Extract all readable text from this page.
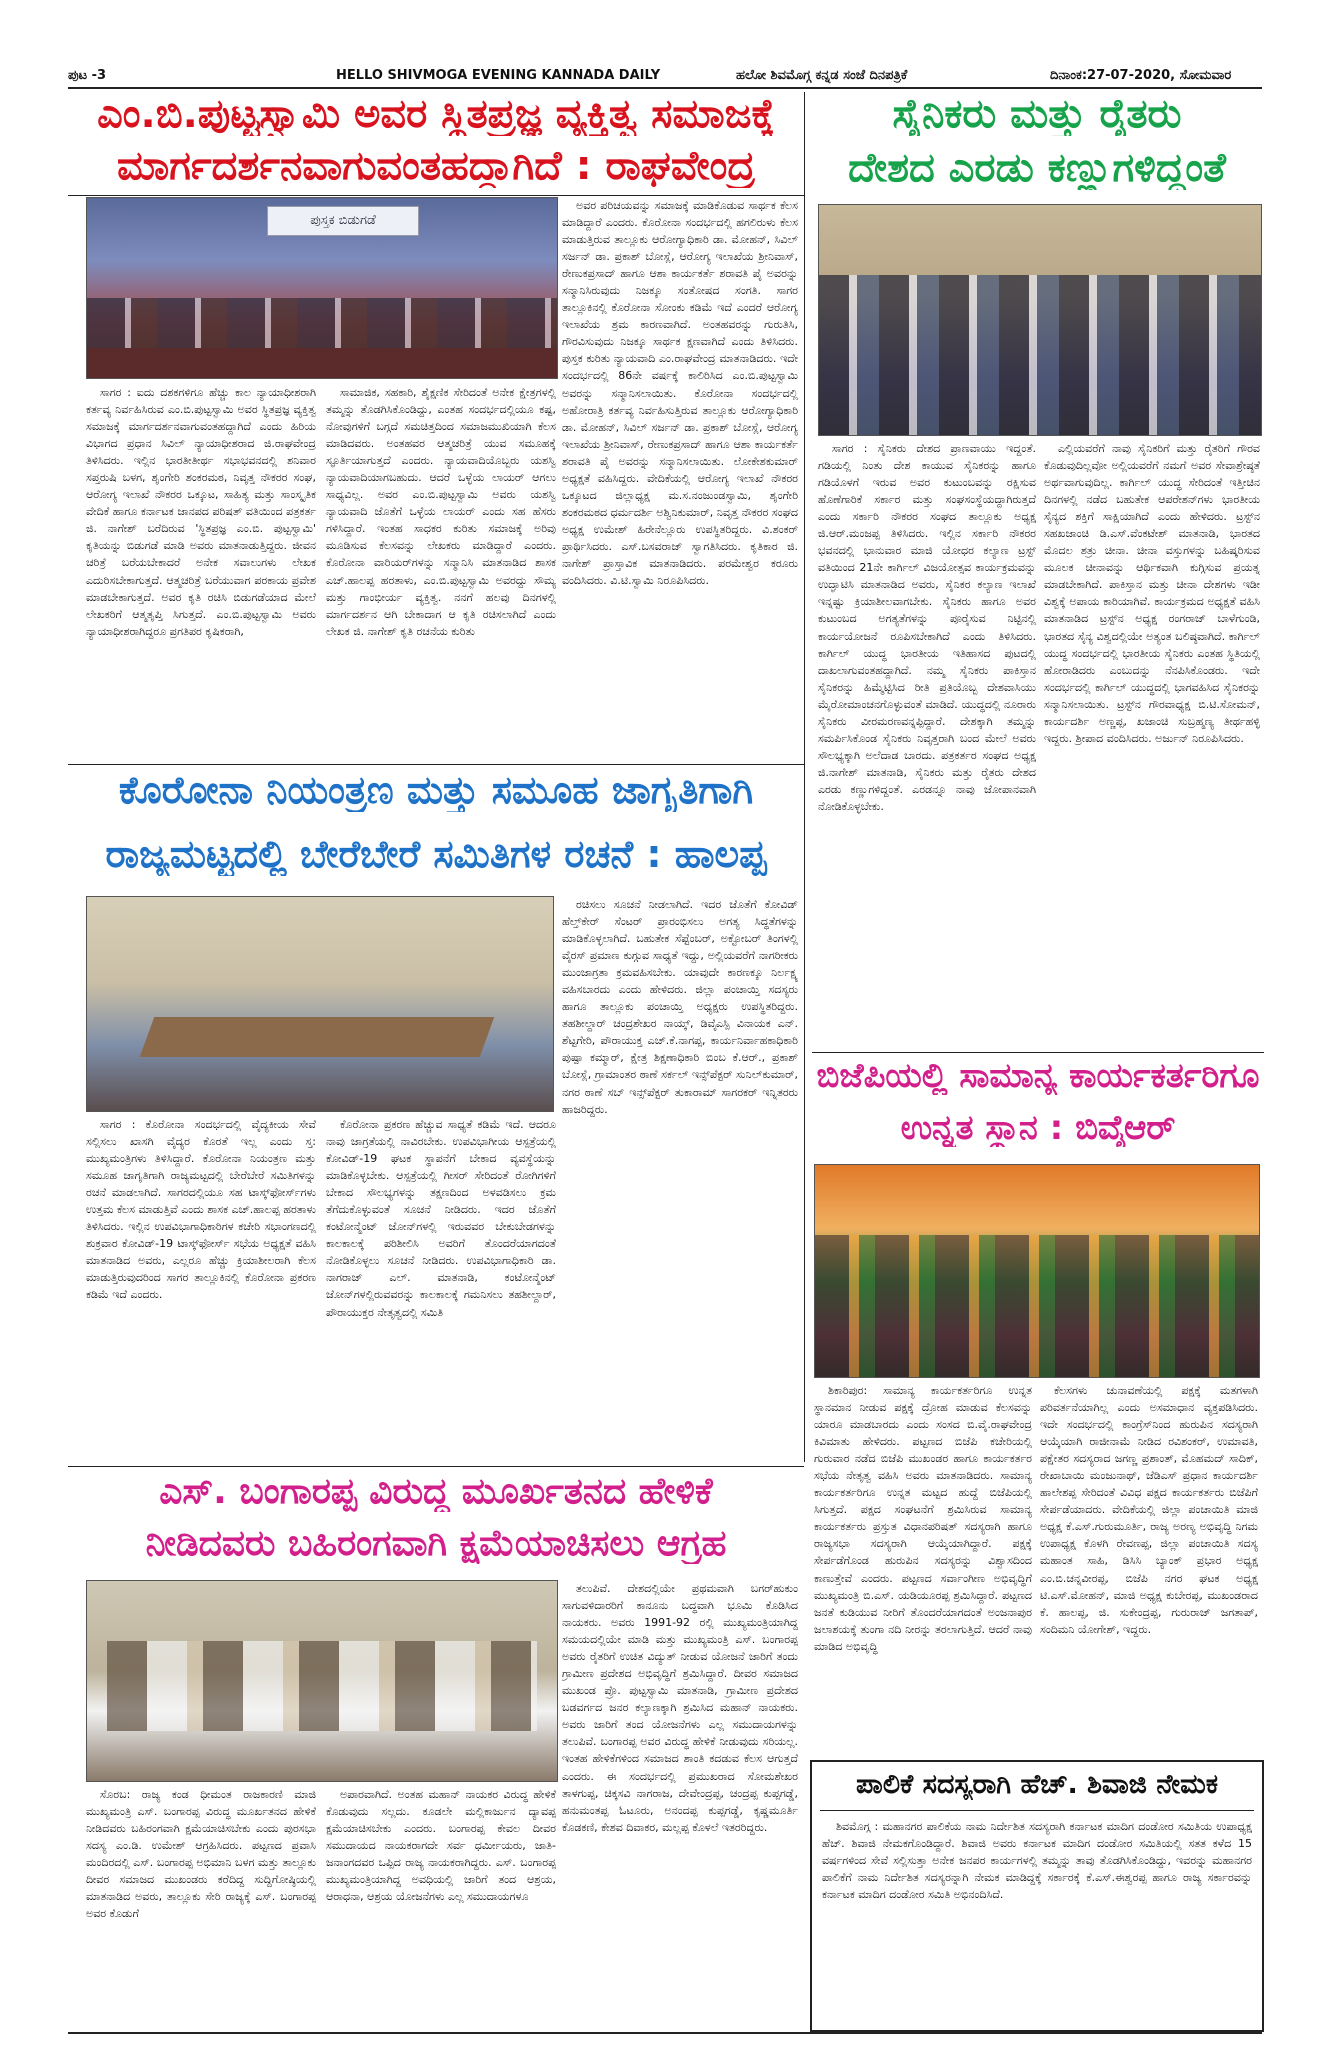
ಪುಟ -3	HELLO SHIVMOGA EVENING KANNADA DAILY	ಹಲೋ ಶಿವಮೊಗ್ಗ ಕನ್ನಡ ಸಂಜೆ ದಿನಪತ್ರಿಕೆ	ದಿನಾಂಕ:27-07-2020, ಸೋಮವಾರ
ಎಂ.ಬಿ.ಪುಟ್ಟಸ್ವಾಮಿ ಅವರ ಸ್ಥಿತಪ್ರಜ್ಞ ವ್ಯಕ್ತಿತ್ವ ಸಮಾಜಕ್ಕೆ
ಮಾರ್ಗದರ್ಶನವಾಗುವಂತಹದ್ದಾಗಿದೆ : ರಾಘವೇಂದ್ರ
ಪುಸ್ತಕ ಬಿಡುಗಡೆ

ಸಾಗರ : ಐದು ದಶಕಗಳಿಗೂ ಹೆಚ್ಚು ಕಾಲ ನ್ಯಾಯಾಧೀಶರಾಗಿ ಕರ್ತವ್ಯ ನಿರ್ವಹಿಸಿರುವ ಎಂ.ಬಿ.ಪುಟ್ಟಸ್ವಾಮಿ ಅವರ ಸ್ಥಿತಪ್ರಜ್ಞ ವ್ಯಕ್ತಿತ್ವ ಸಮಾಜಕ್ಕೆ ಮಾರ್ಗದರ್ಶನವಾಗುವಂತಹದ್ದಾಗಿದೆ ಎಂದು ಹಿರಿಯ ವಿಭಾಗದ ಪ್ರಧಾನ ಸಿವಿಲ್ ನ್ಯಾಯಾಧೀಶರಾದ ಜಿ.ರಾಘವೇಂದ್ರ ತಿಳಿಸಿದರು. ಇಲ್ಲಿನ ಭಾರತೀತೀರ್ಥ ಸಭಾಭವನದಲ್ಲಿ ಶನಿವಾರ ಸಪ್ತರುಷಿ ಬಳಗ, ಶೃಂಗೇರಿ ಶಂಕರಮಠ, ನಿವೃತ್ತ ನೌಕರರ ಸಂಘ, ಆರೋಗ್ಯ ಇಲಾಖೆ ನೌಕರರ ಒಕ್ಕೂಟ, ಸಾಹಿತ್ಯ ಮತ್ತು ಸಾಂಸ್ಕೃತಿಕ ವೇದಿಕೆ ಹಾಗೂ ಕರ್ನಾಟಕ ಜಾನಪದ ಪರಿಷತ್ ವತಿಯಿಂದ ಪತ್ರಕರ್ತ ಜಿ. ನಾಗೇಶ್ ಬರೆದಿರುವ 'ಸ್ಥಿತಪ್ರಜ್ಞ ಎಂ.ಬಿ. ಪುಟ್ಟಸ್ವಾಮಿ' ಕೃತಿಯನ್ನು ಬಿಡುಗಡೆ ಮಾಡಿ ಅವರು ಮಾತನಾಡುತ್ತಿದ್ದರು. ಜೀವನ ಚರಿತ್ರೆ ಬರೆಯಬೇಕಾದರೆ ಅನೇಕ ಸವಾಲುಗಳು ಲೇಖಕ ಎದುರಿಸಬೇಕಾಗುತ್ತದೆ. ಆತ್ಮಚರಿತ್ರೆ ಬರೆಯುವಾಗ ಪರಕಾಯ ಪ್ರವೇಶ ಮಾಡಬೇಕಾಗುತ್ತದೆ. ಅವರ ಕೃತಿ ರಚಿಸಿ ಬಿಡುಗಡೆಯಾದ ಮೇಲೆ ಲೇಖಕರಿಗೆ ಆತ್ಮತೃಪ್ತಿ ಸಿಗುತ್ತದೆ. ಎಂ.ಬಿ.ಪುಟ್ಟಸ್ವಾಮಿ ಅವರು ನ್ಯಾಯಾಧೀಶರಾಗಿದ್ದರೂ ಪ್ರಗತಿಪರ ಕೃಷಿಕರಾಗಿ,

ಸಾಮಾಜಿಕ, ಸಹಕಾರಿ, ಶೈಕ್ಷಣಿಕ ಸೇರಿದಂತೆ ಅನೇಕ ಕ್ಷೇತ್ರಗಳಲ್ಲಿ ತಮ್ಮನ್ನು ತೊಡಗಿಸಿಕೊಂಡಿದ್ದು, ಎಂತಹ ಸಂದರ್ಭದಲ್ಲಿಯೂ ಕಷ್ಟ, ನೋವುಗಳಿಗೆ ಬಗ್ಗದೆ ಸಮಚಿತ್ತದಿಂದ ಸಮಾಜಮುಖಿಯಾಗಿ ಕೆಲಸ ಮಾಡಿದವರು. ಅಂತಹವರ ಆತ್ಮಚರಿತ್ರೆ ಯುವ ಸಮೂಹಕ್ಕೆ ಸ್ಫೂರ್ತಿಯಾಗುತ್ತದೆ ಎಂದರು. ನ್ಯಾಯವಾದಿಯೊಬ್ಬರು ಯಶಸ್ವಿ ನ್ಯಾಯವಾದಿಯಾಗಬಹುದು. ಆದರೆ ಒಳ್ಳೆಯ ಲಾಯರ್ ಆಗಲು ಸಾಧ್ಯವಿಲ್ಲ. ಅವರ ಎಂ.ಬಿ.ಪುಟ್ಟಸ್ವಾಮಿ ಅವರು ಯಶಸ್ವಿ ನ್ಯಾಯವಾದಿ ಜೊತೆಗೆ ಒಳ್ಳೆಯ ಲಾಯರ್ ಎಂದು ಸಹ ಹೆಸರು ಗಳಿಸಿದ್ದಾರೆ. ಇಂತಹ ಸಾಧಕರ ಕುರಿತು ಸಮಾಜಕ್ಕೆ ಅರಿವು ಮೂಡಿಸುವ ಕೆಲಸವನ್ನು ಲೇಖಕರು ಮಾಡಿದ್ದಾರೆ ಎಂದರು. ಕೊರೋನಾ ವಾರಿಯರ್‌ಗಳನ್ನು ಸನ್ಮಾನಿಸಿ ಮಾತನಾಡಿದ ಶಾಸಕ ಎಚ್.ಹಾಲಪ್ಪ ಹರತಾಳು, ಎಂ.ಬಿ.ಪುಟ್ಟಸ್ವಾಮಿ ಅವರದ್ದು ಸೌಮ್ಯ ಮತ್ತು ಗಾಂಭೀರ್ಯ ವ್ಯಕ್ತಿತ್ವ. ನನಗೆ ಹಲವು ದಿನಗಳಲ್ಲಿ ಮಾರ್ಗದರ್ಶನ ಆಗಿ ಬೇಕಾದಾಗ ಆ ಕೃತಿ ರಚಿಸಲಾಗಿದೆ ಎಂದು ಲೇಖಕ ಜಿ. ನಾಗೇಶ್ ಕೃತಿ ರಚನೆಯ ಕುರಿತು

ಅವರ ಪರಿಚಯವನ್ನು ಸಮಾಜಕ್ಕೆ ಮಾಡಿಕೊಡುವ ಸಾರ್ಥಕ ಕೆಲಸ ಮಾಡಿದ್ದಾರೆ ಎಂದರು. ಕೊರೋನಾ ಸಂದರ್ಭದಲ್ಲಿ ಹಗಲಿರುಳು ಕೆಲಸ ಮಾಡುತ್ತಿರುವ ತಾಲ್ಲೂಕು ಆರೋಗ್ಯಾಧಿಕಾರಿ ಡಾ. ಮೋಹನ್, ಸಿವಿಲ್ ಸರ್ಜನ್ ಡಾ. ಪ್ರಕಾಶ್ ಬೋಸ್ಲೆ, ಆರೋಗ್ಯ ಇಲಾಖೆಯ ಶ್ರೀನಿವಾಸ್, ರೇಣುಕಪ್ರಸಾದ್ ಹಾಗೂ ಆಶಾ ಕಾರ್ಯಕರ್ತೆ ಶರಾವತಿ ಪೈ ಅವರನ್ನು ಸನ್ಮಾನಿಸಿರುವುದು ನಿಜಕ್ಕೂ ಸಂತೋಷದ ಸಂಗತಿ. ಸಾಗರ ತಾಲ್ಲೂಕಿನಲ್ಲಿ ಕೊರೋನಾ ಸೋಂಕು ಕಡಿಮೆ ಇದೆ ಎಂದರೆ ಆರೋಗ್ಯ ಇಲಾಖೆಯ ಶ್ರಮ ಕಾರಣವಾಗಿದೆ. ಅಂತಹವರನ್ನು ಗುರುತಿಸಿ, ಗೌರವಿಸುವುದು ನಿಜಕ್ಕೂ ಸಾರ್ಥಕ ಕ್ಷಣವಾಗಿದೆ ಎಂದು ತಿಳಿಸಿದರು. ಪುಸ್ತಕ ಕುರಿತು ನ್ಯಾಯವಾದಿ ಎಂ.ರಾಘವೇಂದ್ರ ಮಾತನಾಡಿದರು. ಇದೇ ಸಂದರ್ಭದಲ್ಲಿ 86ನೇ ವರ್ಷಕ್ಕೆ ಕಾಲಿರಿಸಿದ ಎಂ.ಬಿ.ಪುಟ್ಟಸ್ವಾಮಿ ಅವರನ್ನು ಸನ್ಮಾನಿಸಲಾಯಿತು. ಕೊರೋನಾ ಸಂದರ್ಭದಲ್ಲಿ ಅಹೋರಾತ್ರಿ ಕರ್ತವ್ಯ ನಿರ್ವಹಿಸುತ್ತಿರುವ ತಾಲ್ಲೂಕು ಆರೋಗ್ಯಾಧಿಕಾರಿ ಡಾ. ಮೋಹನ್, ಸಿವಿಲ್ ಸರ್ಜನ್ ಡಾ. ಪ್ರಕಾಶ್ ಬೋಸ್ಲೆ, ಆರೋಗ್ಯ ಇಲಾಖೆಯ ಶ್ರೀನಿವಾಸ್, ರೇಣುಕಪ್ರಸಾದ್ ಹಾಗೂ ಆಶಾ ಕಾರ್ಯಕರ್ತೆ ಶರಾವತಿ ಪೈ ಅವರನ್ನು ಸನ್ಮಾನಿಸಲಾಯಿತು. ಲೋಕೇಶಕುಮಾರ್ ಅಧ್ಯಕ್ಷತೆ ವಹಿಸಿದ್ದರು. ವೇದಿಕೆಯಲ್ಲಿ ಆರೋಗ್ಯ ಇಲಾಖೆ ನೌಕರರ ಒಕ್ಕೂಟದ ಜಿಲ್ಲಾಧ್ಯಕ್ಷ ಮ.ಸ.ನಂಜುಂಡಸ್ವಾಮಿ, ಶೃಂಗೇರಿ ಶಂಕರಮಠದ ಧರ್ಮದರ್ಶಿ ಅಶ್ವಿನಿಕುಮಾರ್, ನಿವೃತ್ತ ನೌಕರರ ಸಂಘದ ಅಧ್ಯಕ್ಷ ಉಮೇಶ್ ಹಿರೇನೆಲ್ಲೂರು ಉಪಸ್ಥಿತರಿದ್ದರು. ವಿ.ಶಂಕರ್ ಪ್ರಾರ್ಥಿಸಿದರು. ಎಸ್.ಬಸವರಾಜ್ ಸ್ವಾಗತಿಸಿದರು. ಕೃತಿಕಾರ ಜಿ. ನಾಗೇಶ್ ಪ್ರಾಸ್ತಾವಿಕ ಮಾತನಾಡಿದರು. ಪರಮೇಶ್ವರ ಕರೂರು ವಂದಿಸಿದರು. ವಿ.ಟಿ.ಸ್ವಾಮಿ ನಿರೂಪಿಸಿದರು.

ಸೈನಿಕರು ಮತ್ತು ರೈತರು
ದೇಶದ ಎರಡು ಕಣ್ಣುಗಳಿದ್ದಂತೆ

ಸಾಗರ : ಸೈನಿಕರು ದೇಶದ ಪ್ರಾಣವಾಯು ಇದ್ದಂತೆ. ಗಡಿಯಲ್ಲಿ ನಿಂತು ದೇಶ ಕಾಯುವ ಸೈನಿಕರನ್ನು ಹಾಗೂ ಗಡಿಯೊಳಗೆ ಇರುವ ಅವರ ಕುಟುಂಬವನ್ನು ರಕ್ಷಿಸುವ ಹೊಣೆಗಾರಿಕೆ ಸರ್ಕಾರ ಮತ್ತು ಸಂಘಸಂಸ್ಥೆಯದ್ದಾಗಿರುತ್ತದೆ ಎಂದು ಸರ್ಕಾರಿ ನೌಕರರ ಸಂಘದ ತಾಲ್ಲೂಕು ಅಧ್ಯಕ್ಷ ಜಿ.ಆರ್.ಮಂಜಪ್ಪ ತಿಳಿಸಿದರು. ಇಲ್ಲಿನ ಸರ್ಕಾರಿ ನೌಕರರ ಭವನದಲ್ಲಿ ಭಾನುವಾರ ಮಾಜಿ ಯೋಧರ ಕಲ್ಯಾಣ ಟ್ರಸ್ಟ್ ವತಿಯಿಂದ 21ನೇ ಕಾರ್ಗಿಲ್ ವಿಜಯೋತ್ಸವ ಕಾರ್ಯಕ್ರಮವನ್ನು ಉದ್ಘಾಟಿಸಿ ಮಾತನಾಡಿದ ಅವರು, ಸೈನಿಕರ ಕಲ್ಯಾಣ ಇಲಾಖೆ ಇನ್ನಷ್ಟು ಕ್ರಿಯಾಶೀಲವಾಗಬೇಕು. ಸೈನಿಕರು ಹಾಗೂ ಅವರ ಕುಟುಂಬದ ಅಗತ್ಯತೆಗಳನ್ನು ಪೂರೈಸುವ ನಿಟ್ಟಿನಲ್ಲಿ ಕಾರ್ಯಯೋಜನೆ ರೂಪಿಸಬೇಕಾಗಿದೆ ಎಂದು ತಿಳಿಸಿದರು. ಕಾರ್ಗಿಲ್ ಯುದ್ಧ ಭಾರತೀಯ ಇತಿಹಾಸದ ಪುಟದಲ್ಲಿ ದಾಖಲಾಗುವಂತಹದ್ದಾಗಿದೆ. ನಮ್ಮ ಸೈನಿಕರು ಪಾಕಿಸ್ತಾನ ಸೈನಿಕರನ್ನು ಹಿಮ್ಮೆಟ್ಟಿಸಿದ ರೀತಿ ಪ್ರತಿಯೊಬ್ಬ ದೇಶವಾಸಿಯು ಮೈರೋಮಾಂಚನಗೊಳ್ಳುವಂತೆ ಮಾಡಿದೆ. ಯುದ್ಧದಲ್ಲಿ ನೂರಾರು ಸೈನಿಕರು ವೀರಮರಣವನ್ನಪ್ಪಿದ್ದಾರೆ. ದೇಶಕ್ಕಾಗಿ ತಮ್ಮನ್ನು ಸಮರ್ಪಿಸಿಕೊಂಡ ಸೈನಿಕರು ನಿವೃತ್ತರಾಗಿ ಬಂದ ಮೇಲೆ ಅವರು ಸೌಲಭ್ಯಕ್ಕಾಗಿ ಅಲೆದಾಡ ಬಾರದು. ಪತ್ರಕರ್ತರ ಸಂಘದ ಅಧ್ಯಕ್ಷ ಜಿ.ನಾಗೇಶ್ ಮಾತನಾಡಿ, ಸೈನಿಕರು ಮತ್ತು ರೈತರು ದೇಶದ ಎರಡು ಕಣ್ಣುಗಳಿದ್ದಂತೆ. ಎರಡನ್ನೂ ನಾವು ಜೋಪಾನವಾಗಿ ನೋಡಿಕೊಳ್ಳಬೇಕು.

ಎಲ್ಲಿಯವರೆಗೆ ನಾವು ಸೈನಿಕರಿಗೆ ಮತ್ತು ರೈತರಿಗೆ ಗೌರವ ಕೊಡುವುದಿಲ್ಲವೋ ಅಲ್ಲಿಯವರೆಗೆ ನಮಗೆ ಅವರ ಸೇವಾಶ್ರೇಷ್ಠತೆ ಅರ್ಥವಾಗುವುದಿಲ್ಲ. ಕಾರ್ಗಿಲ್ ಯುದ್ಧ ಸೇರಿದಂತೆ ಇತ್ತೀಚಿನ ದಿನಗಳಲ್ಲಿ ನಡೆದ ಬಹುತೇಕ ಆಪರೇಶನ್‌ಗಳು ಭಾರತೀಯ ಸೈನ್ಯದ ಶಕ್ತಿಗೆ ಸಾಕ್ಷಿಯಾಗಿದೆ ಎಂದು ಹೇಳಿದರು. ಟ್ರಸ್ಟ್‌ನ ಸಹಖಜಾಂಚಿ ಡಿ.ಎಸ್.ವೆಂಕಟೇಶ್ ಮಾತನಾಡಿ, ಭಾರತದ ಮೊದಲ ಶತ್ರು ಚೀನಾ. ಚೀನಾ ವಸ್ತುಗಳನ್ನು ಬಹಿಷ್ಕರಿಸುವ ಮೂಲಕ ಚೀನಾವನ್ನು ಆರ್ಥಿಕವಾಗಿ ಕುಗ್ಗಿಸುವ ಪ್ರಯತ್ನ ಮಾಡಬೇಕಾಗಿದೆ. ಪಾಕಿಸ್ತಾನ ಮತ್ತು ಚೀನಾ ದೇಶಗಳು ಇಡೀ ವಿಶ್ವಕ್ಕೆ ಅಪಾಯ ಕಾರಿಯಾಗಿವೆ. ಕಾರ್ಯಕ್ರಮದ ಅಧ್ಯಕ್ಷತೆ ವಹಿಸಿ ಮಾತನಾಡಿದ ಟ್ರಸ್ಟ್‌ನ ಅಧ್ಯಕ್ಷ ರಂಗರಾಜ್ ಬಾಳೆಗುಂಡಿ, ಭಾರತದ ಸೈನ್ಯ ವಿಶ್ವದಲ್ಲಿಯೇ ಅತ್ಯಂತ ಬಲಿಷ್ಠವಾಗಿದೆ. ಕಾರ್ಗಿಲ್ ಯುದ್ಧ ಸಂದರ್ಭದಲ್ಲಿ ಭಾರತೀಯ ಸೈನಿಕರು ಎಂತಹ ಸ್ಥಿತಿಯಲ್ಲಿ ಹೋರಾಡಿದರು ಎಂಬುದನ್ನು ನೆನಪಿಸಿಕೊಂಡರು. ಇದೇ ಸಂದರ್ಭದಲ್ಲಿ ಕಾರ್ಗಿಲ್ ಯುದ್ಧದಲ್ಲಿ ಭಾಗವಹಿಸಿದ ಸೈನಿಕರನ್ನು ಸನ್ಮಾನಿಸಲಾಯಿತು. ಟ್ರಸ್ಟ್‌ನ ಗೌರವಾಧ್ಯಕ್ಷ ಬಿ.ಟಿ.ಸೋಮನ್, ಕಾರ್ಯದರ್ಶಿ ಅಣ್ಣಪ್ಪ, ಖಜಾಂಚಿ ಸುಬ್ರಹ್ಮಣ್ಯ ತೀರ್ಥಹಳ್ಳಿ ಇದ್ದರು. ಶ್ರೀಪಾದ ವಂದಿಸಿದರು. ಅರ್ಜುನ್ ನಿರೂಪಿಸಿದರು.

ಕೊರೋನಾ ನಿಯಂತ್ರಣ ಮತ್ತು ಸಮೂಹ ಜಾಗೃತಿಗಾಗಿ
ರಾಜ್ಯಮಟ್ಟದಲ್ಲಿ ಬೇರೆಬೇರೆ ಸಮಿತಿಗಳ ರಚನೆ : ಹಾಲಪ್ಪ

ಸಾಗರ : ಕೊರೋನಾ ಸಂದರ್ಭದಲ್ಲಿ ವೈದ್ಯಕೀಯ ಸೇವೆ ಸಲ್ಲಿಸಲು ಖಾಸಗಿ ವೈದ್ಯರ ಕೊರತೆ ಇಲ್ಲ ಎಂದು ಸ್ತ: ಮುಖ್ಯಮಂತ್ರಿಗಳು ತಿಳಿಸಿದ್ದಾರೆ. ಕೊರೋನಾ ನಿಯಂತ್ರಣ ಮತ್ತು ಸಮೂಹ ಜಾಗೃತಿಗಾಗಿ ರಾಜ್ಯಮಟ್ಟದಲ್ಲಿ ಬೇರೆಬೇರೆ ಸಮಿತಿಗಳನ್ನು ರಚನೆ ಮಾಡಲಾಗಿದೆ. ಸಾಗರದಲ್ಲಿಯೂ ಸಹ ಟಾಸ್ಕ್‌ಫೋರ್ಸ್‌ಗಳು ಉತ್ತಮ ಕೆಲಸ ಮಾಡುತ್ತಿವೆ ಎಂದು ಶಾಸಕ ಎಚ್.ಹಾಲಪ್ಪ ಹರತಾಳು ತಿಳಿಸಿದರು. ಇಲ್ಲಿನ ಉಪವಿಭಾಗಾಧಿಕಾರಿಗಳ ಕಚೇರಿ ಸಭಾಂಗಣದಲ್ಲಿ ಶುಕ್ರವಾರ ಕೋವಿಡ್-19 ಟಾಸ್ಕ್‌ಫೋರ್ಸ್ ಸಭೆಯ ಅಧ್ಯಕ್ಷತೆ ವಹಿಸಿ ಮಾತನಾಡಿದ ಅವರು, ಎಲ್ಲರೂ ಹೆಚ್ಚು ಕ್ರಿಯಾಶೀಲರಾಗಿ ಕೆಲಸ ಮಾಡುತ್ತಿರುವುದರಿಂದ ಸಾಗರ ತಾಲ್ಲೂಕಿನಲ್ಲಿ ಕೊರೋನಾ ಪ್ರಕರಣ ಕಡಿಮೆ ಇದೆ ಎಂದರು.

ಕೊರೋನಾ ಪ್ರಕರಣ ಹೆಚ್ಚುವ ಸಾಧ್ಯತೆ ಕಡಿಮೆ ಇದೆ. ಆದರೂ ನಾವು ಜಾಗ್ರತೆಯಲ್ಲಿ ನಾವಿರಬೇಕು. ಉಪವಿಭಾಗೀಯ ಆಸ್ಪತ್ರೆಯಲ್ಲಿ ಕೋವಿಡ್-19 ಘಟಕ ಸ್ಥಾಪನೆಗೆ ಬೇಕಾದ ವ್ಯವಸ್ಥೆಯನ್ನು ಮಾಡಿಕೊಳ್ಳಬೇಕು. ಆಸ್ಪತ್ರೆಯಲ್ಲಿ ಗೀಸರ್ ಸೇರಿದಂತೆ ರೋಗಿಗಳಿಗೆ ಬೇಕಾದ ಸೌಲಭ್ಯಗಳನ್ನು ತಕ್ಷಣದಿಂದ ಅಳವಡಿಸಲು ಕ್ರಮ ತೆಗೆದುಕೊಳ್ಳುವಂತೆ ಸೂಚನೆ ನೀಡಿದರು. ಇದರ ಜೊತೆಗೆ ಕಂಟೋನ್ಮೆಂಟ್ ಜೋನ್‌ಗಳಲ್ಲಿ ಇರುವವರ ಬೇಕುಬೇಡಗಳನ್ನು ಕಾಲಕಾಲಕ್ಕೆ ಪರಿಶೀಲಿಸಿ ಅವರಿಗೆ ತೊಂದರೆಯಾಗದಂತೆ ನೋಡಿಕೊಳ್ಳಲು ಸೂಚನೆ ನೀಡಿದರು. ಉಪವಿಭಾಗಾಧಿಕಾರಿ ಡಾ. ನಾಗರಾಜ್ ಎಲ್. ಮಾತನಾಡಿ, ಕಂಟೋನ್ಮೆಂಟ್ ಜೋನ್‌ಗಳಲ್ಲಿರುವವರನ್ನು ಕಾಲಕಾಲಕ್ಕೆ ಗಮನಿಸಲು ತಹಶೀಲ್ದಾರ್, ಪೌರಾಯುಕ್ತರ ನೇತೃತ್ವದಲ್ಲಿ ಸಮಿತಿ

ರಚಿಸಲು ಸೂಚನೆ ನೀಡಲಾಗಿದೆ. ಇದರ ಜೊತೆಗೆ ಕೋವಿಡ್ ಹೆಲ್ತ್‌ಕೇರ್ ಸೆಂಟರ್ ಪ್ರಾರಂಭಿಸಲು ಅಗತ್ಯ ಸಿದ್ಧತೆಗಳನ್ನು ಮಾಡಿಕೊಳ್ಳಲಾಗಿದೆ. ಬಹುತೇಕ ಸೆಪ್ಟೆಂಬರ್, ಅಕ್ಟೋಬರ್ ತಿಂಗಳಲ್ಲಿ ವೈರಸ್ ಪ್ರಮಾಣ ಕುಗ್ಗುವ ಸಾಧ್ಯತೆ ಇದ್ದು, ಅಲ್ಲಿಯವರೆಗೆ ನಾಗರೀಕರು ಮುಂಜಾಗ್ರತಾ ಕ್ರಮವಹಿಸಬೇಕು. ಯಾವುದೇ ಕಾರಣಕ್ಕೂ ನಿರ್ಲಕ್ಷ್ಯ ವಹಿಸಬಾರದು ಎಂದು ಹೇಳಿದರು. ಜಿಲ್ಲಾ ಪಂಚಾಯ್ತಿ ಸದಸ್ಯರು ಹಾಗೂ ತಾಲ್ಲೂಕು ಪಂಚಾಯ್ತಿ ಅಧ್ಯಕ್ಷರು ಉಪಸ್ಥಿತರಿದ್ದರು. ತಹಶೀಲ್ದಾರ್ ಚಂದ್ರಶೇಖರ ನಾಯ್ಕ್, ಡಿವೈಎಸ್ಪಿ ವಿನಾಯಕ ಎನ್. ಶೆಟ್ಟಗೇರಿ, ಪೌರಾಯುಕ್ತ ಎಚ್.ಕೆ.ನಾಗಪ್ಪ, ಕಾರ್ಯನಿರ್ವಾಹಕಾಧಿಕಾರಿ ಪುಷ್ಪಾ ಕಮ್ಮಾರ್, ಕ್ಷೇತ್ರ ಶಿಕ್ಷಣಾಧಿಕಾರಿ ಬಿಂಬ ಕೆ.ಆರ್., ಪ್ರಕಾಶ್ ಬೋಸ್ಲೆ, ಗ್ರಾಮಾಂತರ ಠಾಣೆ ಸರ್ಕಲ್ ಇನ್ಸ್‌ಪೆಕ್ಟರ್ ಸುನಿಲ್‌ಕುಮಾರ್, ನಗರ ಠಾಣೆ ಸಬ್ ಇನ್ಸ್‌ಪೆಕ್ಟರ್ ತುಕಾರಾಮ್ ಸಾಗರಕರ್ ಇನ್ನಿತರರು ಹಾಜರಿದ್ದರು.

ಬಿಜೆಪಿಯಲ್ಲಿ ಸಾಮಾನ್ಯ ಕಾರ್ಯಕರ್ತರಿಗೂ
ಉನ್ನತ ಸ್ಥಾನ : ಬಿವೈಆರ್

ಶಿಕಾರಿಪುರ: ಸಾಮಾನ್ಯ ಕಾರ್ಯಕರ್ತರಿಗೂ ಉನ್ನತ ಸ್ಥಾನಮಾನ ನೀಡುವ ಪಕ್ಷಕ್ಕೆ ದ್ರೋಹ ಮಾಡುವ ಕೆಲಸವನ್ನು ಯಾರೂ ಮಾಡಬಾರದು ಎಂದು ಸಂಸದ ಬಿ.ವೈ.ರಾಘವೇಂದ್ರ ಕಿವಿಮಾತು ಹೇಳಿದರು. ಪಟ್ಟಣದ ಬಿಜೆಪಿ ಕಚೇರಿಯಲ್ಲಿ ಗುರುವಾರ ನಡೆದ ಬಿಜೆಪಿ ಮುಖಂಡರ ಹಾಗೂ ಕಾರ್ಯಕರ್ತರ ಸಭೆಯ ನೇತೃತ್ವ ವಹಿಸಿ ಅವರು ಮಾತನಾಡಿದರು. ಸಾಮಾನ್ಯ ಕಾರ್ಯಕರ್ತರಿಗೂ ಉನ್ನತ ಮಟ್ಟದ ಹುದ್ದೆ ಬಿಜೆಪಿಯಲ್ಲಿ ಸಿಗುತ್ತದೆ. ಪಕ್ಷದ ಸಂಘಟನೆಗೆ ಶ್ರಮಿಸಿರುವ ಸಾಮಾನ್ಯ ಕಾರ್ಯಕರ್ತರು ಪ್ರಸ್ತುತ ವಿಧಾನಪರಿಷತ್ ಸದಸ್ಯರಾಗಿ ಹಾಗೂ ರಾಜ್ಯಸಭಾ ಸದಸ್ಯರಾಗಿ ಆಯ್ಕೆಯಾಗಿದ್ದಾರೆ. ಪಕ್ಷಕ್ಕೆ ಸೇರ್ಪಡೆಗೊಂಡ ಹುರುಪಿನ ಸದಸ್ಯರನ್ನು ವಿಶ್ವಾಸದಿಂದ ಕಾಣುತ್ತೇವೆ ಎಂದರು. ಪಟ್ಟಣದ ಸರ್ವಾಂಗೀಣ ಅಭಿವೃದ್ಧಿಗೆ ಮುಖ್ಯಮಂತ್ರಿ ಬಿ.ಎಸ್. ಯಡಿಯೂರಪ್ಪ ಶ್ರಮಿಸಿದ್ದಾರೆ. ಪಟ್ಟಣದ ಜನತೆ ಕುಡಿಯುವ ನೀರಿಗೆ ತೊಂದರೆಯಾಗದಂತೆ ಅಂಜನಾಪುರ ಜಲಾಶಯಕ್ಕೆ ತುಂಗಾ ನದಿ ನೀರನ್ನು ತರಲಾಗುತ್ತಿದೆ. ಆದರೆ ನಾವು ಮಾಡಿದ ಅಭಿವೃದ್ಧಿ

ಕೆಲಸಗಳು ಚುನಾವಣೆಯಲ್ಲಿ ಪಕ್ಷಕ್ಕೆ ಮತಗಳಾಗಿ ಪರಿವರ್ತನೆಯಾಗಿಲ್ಲ ಎಂದು ಅಸಮಾಧಾನ ವ್ಯಕ್ತಪಡಿಸಿದರು. ಇದೇ ಸಂದರ್ಭದಲ್ಲಿ ಕಾಂಗ್ರೆಸ್‌ನಿಂದ ಹುರುಪಿನ ಸದಸ್ಯರಾಗಿ ಆಯ್ಕೆಯಾಗಿ ರಾಜೀನಾಮೆ ನೀಡಿದ ರವಿಶಂಕರ್, ಉಮಾವತಿ, ಪಕ್ಷೇತರ ಸದಸ್ಯರಾದ ಜಗಣ್ಣ ಪ್ರಶಾಂತ್, ಮೊಹಮದ್ ಸಾದಿಕ್, ರೇಖಾಬಾಯಿ ಮಂಜುನಾಥ್, ಜೆಡಿಎಸ್ ಪ್ರಧಾನ ಕಾರ್ಯದರ್ಶಿ ಹಾಲೇಶಪ್ಪ ಸೇರಿದಂತೆ ವಿವಿಧ ಪಕ್ಷದ ಕಾರ್ಯಕರ್ತರು ಬಿಜೆಪಿಗೆ ಸೇರ್ಪಡೆಯಾದರು. ವೇದಿಕೆಯಲ್ಲಿ ಜಿಲ್ಲಾ ಪಂಚಾಯಿತಿ ಮಾಜಿ ಅಧ್ಯಕ್ಷ ಕೆ.ಎಸ್.ಗುರುಮೂರ್ತಿ, ರಾಜ್ಯ ಅರಣ್ಯ ಅಭಿವೃದ್ಧಿ ನಿಗಮ ಉಪಾಧ್ಯಕ್ಷ ಕೊಳಗಿ ರೇವಣಪ್ಪ, ಜಿಲ್ಲಾ ಪಂಚಾಯಿತಿ ಸದಸ್ಯ ಮಹಾಂತ ಸಾಹಿ, ಡಿಸಿಸಿ ಬ್ಯಾಂಕ್ ಪ್ರಭಾರ ಅಧ್ಯಕ್ಷ ಎಂ.ಬಿ.ಚನ್ನವೀರಪ್ಪ, ಬಿಜೆಪಿ ನಗರ ಘಟಕ ಅಧ್ಯಕ್ಷ ಟಿ.ಎಸ್.ಮೋಹನ್, ಮಾಜಿ ಅಧ್ಯಕ್ಷ ಕುಬೇರಪ್ಪ, ಮುಖಂಡರಾದ ಕೆ. ಹಾಲಪ್ಪ, ಜಿ. ಸುಕೇಂದ್ರಪ್ಪ, ಗುರುರಾಜ್ ಜಗತಾಪ್, ಸಂದಿಮನಿ ಯೋಗೇಶ್, ಇದ್ದರು.

ಎಸ್. ಬಂಗಾರಪ್ಪ ವಿರುದ್ಧ ಮೂರ್ಖತನದ ಹೇಳಿಕೆ
ನೀಡಿದವರು ಬಹಿರಂಗವಾಗಿ ಕ್ಷಮೆಯಾಚಿಸಲು ಆಗ್ರಹ

ಸೊರಬ: ರಾಜ್ಯ ಕಂಡ ಧೀಮಂತ ರಾಜಕಾರಣಿ ಮಾಜಿ ಮುಖ್ಯಮಂತ್ರಿ ಎಸ್. ಬಂಗಾರಪ್ಪ ವಿರುದ್ಧ ಮೂರ್ಖತನದ ಹೇಳಿಕೆ ನೀಡಿದವರು ಬಹಿರಂಗವಾಗಿ ಕ್ಷಮೆಯಾಚಿಸಬೇಕು ಎಂದು ಪುರಸಭಾ ಸದಸ್ಯ ಎಂ.ಡಿ. ಉಮೇಶ್ ಆಗ್ರಹಿಸಿದರು. ಪಟ್ಟಣದ ಪ್ರವಾಸಿ ಮಂದಿರದಲ್ಲಿ ಎಸ್. ಬಂಗಾರಪ್ಪ ಅಭಿಮಾನಿ ಬಳಗ ಮತ್ತು ತಾಲ್ಲೂಕು ದೀವರ ಸಮಾಜದ ಮುಖಂಡರು ಕರೆದಿದ್ದ ಸುದ್ದಿಗೋಷ್ಠಿಯಲ್ಲಿ ಮಾತನಾಡಿದ ಅವರು, ತಾಲ್ಲೂಕು ಸೇರಿ ರಾಜ್ಯಕ್ಕೆ ಎಸ್. ಬಂಗಾರಪ್ಪ ಅವರ ಕೊಡುಗೆ

ಅಪಾರವಾಗಿದೆ. ಅಂತಹ ಮಹಾನ್ ನಾಯಕರ ವಿರುದ್ಧ ಹೇಳಿಕೆ ಕೊಡುವುದು ಸಲ್ಲದು. ಕೂಡಲೇ ಮಲ್ಲಿಕಾರ್ಜುನ ದ್ಯಾವಪ್ಪ ಕ್ಷಮೆಯಾಚಿಸಬೇಕು ಎಂದರು. ಬಂಗಾರಪ್ಪ ಕೇವಲ ದೀವರ ಸಮುದಾಯದ ನಾಯಕರಾಗದೇ ಸರ್ವ ಧರ್ಮೀಯರು, ಜಾತಿ-ಜನಾಂಗದವರ ಒಪ್ಪಿದ ರಾಜ್ಯ ನಾಯಕರಾಗಿದ್ದರು. ಎಸ್. ಬಂಗಾರಪ್ಪ ಮುಖ್ಯಮಂತ್ರಿಯಾಗಿದ್ದ ಅವಧಿಯಲ್ಲಿ ಜಾರಿಗೆ ತಂದ ಆಶ್ರಯ, ಆರಾಧನಾ, ಆಶ್ರಯ ಯೋಜನೆಗಳು ಎಲ್ಲ ಸಮುದಾಯಗಳೂ

ತಲುಪಿವೆ. ದೇಶದಲ್ಲಿಯೇ ಪ್ರಥಮವಾಗಿ ಬಗರ್‌ಹುಕುಂ ಸಾಗುವಳಿದಾರರಿಗೆ ಕಾನೂನು ಬದ್ಧವಾಗಿ ಭೂಮಿ ಕೊಡಿಸಿದ ನಾಯಕರು. ಅವರು 1991-92 ರಲ್ಲಿ ಮುಖ್ಯಮಂತ್ರಿಯಾಗಿದ್ದ ಸಮಯದಲ್ಲಿಯೇ ಮಾಡಿ ಮತ್ತು ಮುಖ್ಯಮಂತ್ರಿ ಎಸ್. ಬಂಗಾರಪ್ಪ ಅವರು ರೈತರಿಗೆ ಉಚಿತ ವಿದ್ಯುತ್ ನೀಡುವ ಯೋಜನೆ ಜಾರಿಗೆ ತಂದು ಗ್ರಾಮೀಣ ಪ್ರದೇಶದ ಅಭಿವೃದ್ಧಿಗೆ ಶ್ರಮಿಸಿದ್ದಾರೆ. ದೀವರ ಸಮಾಜದ ಮುಖಂಡ ಪ್ರೊ. ಪುಟ್ಟಸ್ವಾಮಿ ಮಾತನಾಡಿ, ಗ್ರಾಮೀಣ ಪ್ರದೇಶದ ಬಡವರ್ಗದ ಜನರ ಕಲ್ಯಾಣಕ್ಕಾಗಿ ಶ್ರಮಿಸಿದ ಮಹಾನ್ ನಾಯಕರು. ಅವರು ಜಾರಿಗೆ ತಂದ ಯೋಜನೆಗಳು ಎಲ್ಲ ಸಮುದಾಯಗಳನ್ನು ತಲುಪಿವೆ. ಬಂಗಾರಪ್ಪ ಅವರ ವಿರುದ್ಧ ಹೇಳಿಕೆ ನೀಡುವುದು ಸರಿಯಲ್ಲ. ಇಂತಹ ಹೇಳಿಕೆಗಳಿಂದ ಸಮಾಜದ ಶಾಂತಿ ಕದಡುವ ಕೆಲಸ ಆಗುತ್ತದೆ ಎಂದರು. ಈ ಸಂದರ್ಭದಲ್ಲಿ ಪ್ರಮುಖರಾದ ಸೋಮಶೇಖರ ತಾಳಗುಪ್ಪ, ಚಿಕ್ಕಸವಿ ನಾಗರಾಜ, ದೇವೇಂದ್ರಪ್ಪ, ಚಂದ್ರಪ್ಪ ಕುಪ್ಪಗಡ್ಡೆ, ಹನುಮಂತಪ್ಪ ಓಟೂರು, ಅನಂದಪ್ಪ ಕುಪ್ಪಗಡ್ಡೆ, ಕೃಷ್ಣಮೂರ್ತಿ ಕೊಡಕಣಿ, ಕೇಶವ ದಿವಾಕರ, ಮಲ್ಲಪ್ಪ ಕೊಳಲೆ ಇತರರಿದ್ದರು.

ಪಾಲಿಕೆ ಸದಸ್ಯರಾಗಿ ಹೆಚ್. ಶಿವಾಜಿ ನೇಮಕ

ಶಿವಮೊಗ್ಗ : ಮಹಾನಗರ ಪಾಲಿಕೆಯ ನಾಮ ನಿರ್ದೇಶಿತ ಸದಸ್ಯರಾಗಿ ಕರ್ನಾಟಕ ಮಾದಿಗ ದಂಡೋರ ಸಮಿತಿಯ ಉಪಾಧ್ಯಕ್ಷ ಹೆಚ್. ಶಿವಾಜಿ ನೇಮಕಗೊಂಡಿದ್ದಾರೆ. ಶಿವಾಜಿ ಅವರು ಕರ್ನಾಟಕ ಮಾದಿಗ ದಂಡೋರ ಸಮಿತಿಯಲ್ಲಿ ಸತತ ಕಳೆದ 15 ವರ್ಷಗಳಿಂದ ಸೇವೆ ಸಲ್ಲಿಸುತ್ತಾ ಅನೇಕ ಜನಪರ ಕಾರ್ಯಗಳಲ್ಲಿ ತಮ್ಮನ್ನು ತಾವು ತೊಡಗಿಸಿಕೊಂಡಿದ್ದು, ಇವರನ್ನು ಮಹಾನಗರ ಪಾಲಿಕೆಗೆ ನಾಮ ನಿರ್ದೇಶಿತ ಸದಸ್ಯರನ್ನಾಗಿ ನೇಮಕ ಮಾಡಿದ್ದಕ್ಕೆ ಸರ್ಕಾರಕ್ಕೆ ಕೆ.ಎಸ್.ಈಶ್ವರಪ್ಪ ಹಾಗೂ ರಾಜ್ಯ ಸರ್ಕಾರವನ್ನು ಕರ್ನಾಟಕ ಮಾದಿಗ ದಂಡೋರ ಸಮಿತಿ ಅಭಿನಂದಿಸಿದೆ.
